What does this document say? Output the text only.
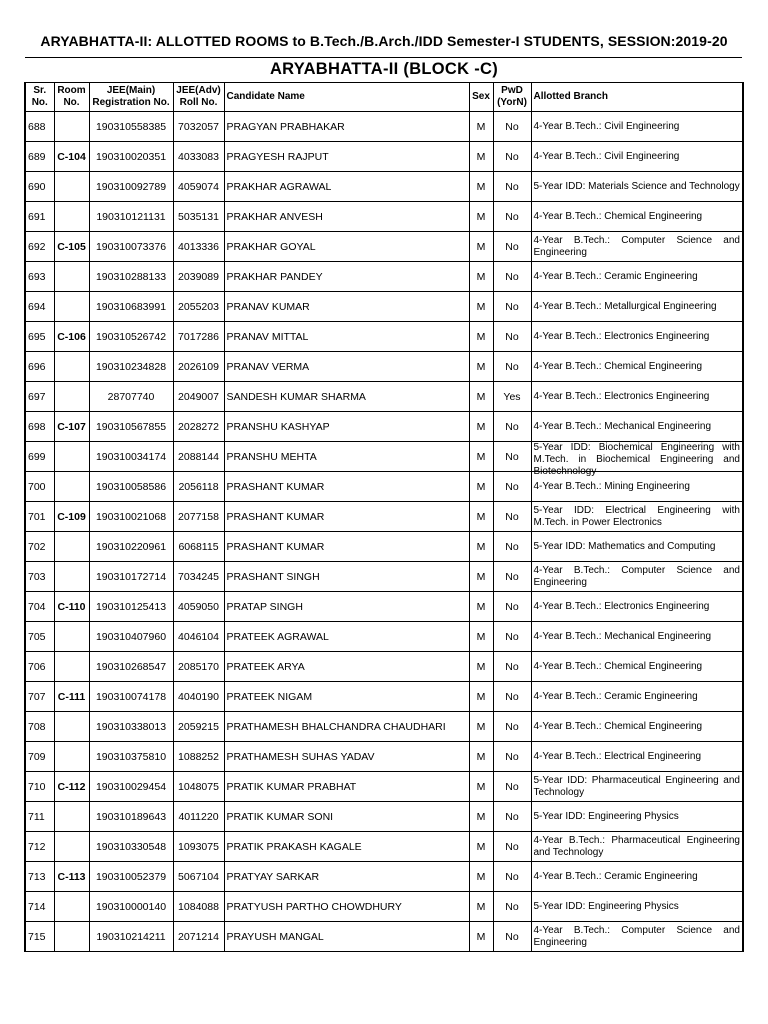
ARYABHATTA-II: ALLOTTED ROOMS to B.Tech./B.Arch./IDD Semester-I STUDENTS, SESSION:2019-20
ARYABHATTA-II (BLOCK -C)
Sr. No.	Room No.	JEE(Main) Registration No.	JEE(Adv) Roll No.	Candidate Name	Sex	PwD (YorN)	Allotted Branch
688		190310558385	7032057	PRAGYAN PRABHAKAR	M	No	4-Year B.Tech.: Civil Engineering

689	C-104	190310020351	4033083	PRAGYESH RAJPUT	M	No	4-Year B.Tech.: Civil Engineering

690		190310092789	4059074	PRAKHAR AGRAWAL	M	No	5-Year IDD: Materials Science and Technology

691		190310121131	5035131	PRAKHAR ANVESH	M	No	4-Year B.Tech.: Chemical Engineering

692	C-105	190310073376	4013336	PRAKHAR GOYAL	M	No	4-Year B.Tech.: Computer Science and Engineering

693		190310288133	2039089	PRAKHAR PANDEY	M	No	4-Year B.Tech.: Ceramic Engineering

694		190310683991	2055203	PRANAV KUMAR	M	No	4-Year B.Tech.: Metallurgical Engineering

695	C-106	190310526742	7017286	PRANAV MITTAL	M	No	4-Year B.Tech.: Electronics Engineering

696		190310234828	2026109	PRANAV VERMA	M	No	4-Year B.Tech.: Chemical Engineering

697		28707740	2049007	SANDESH KUMAR SHARMA	M	Yes	4-Year B.Tech.: Electronics Engineering

698	C-107	190310567855	2028272	PRANSHU KASHYAP	M	No	4-Year B.Tech.: Mechanical Engineering

699		190310034174	2088144	PRANSHU MEHTA	M	No	5-Year IDD: Biochemical Engineering with M.Tech. in Biochemical Engineering and Biotechnology

700		190310058586	2056118	PRASHANT KUMAR	M	No	4-Year B.Tech.: Mining Engineering

701	C-109	190310021068	2077158	PRASHANT KUMAR	M	No	5-Year IDD: Electrical Engineering with M.Tech. in Power Electronics

702		190310220961	6068115	PRASHANT KUMAR	M	No	5-Year IDD: Mathematics and Computing

703		190310172714	7034245	PRASHANT SINGH	M	No	4-Year B.Tech.: Computer Science and Engineering

704	C-110	190310125413	4059050	PRATAP SINGH	M	No	4-Year B.Tech.: Electronics Engineering

705		190310407960	4046104	PRATEEK AGRAWAL	M	No	4-Year B.Tech.: Mechanical Engineering

706		190310268547	2085170	PRATEEK ARYA	M	No	4-Year B.Tech.: Chemical Engineering

707	C-111	190310074178	4040190	PRATEEK NIGAM	M	No	4-Year B.Tech.: Ceramic Engineering

708		190310338013	2059215	PRATHAMESH BHALCHANDRA CHAUDHARI	M	No	4-Year B.Tech.: Chemical Engineering

709		190310375810	1088252	PRATHAMESH SUHAS YADAV	M	No	4-Year B.Tech.: Electrical Engineering

710	C-112	190310029454	1048075	PRATIK KUMAR PRABHAT	M	No	5-Year IDD: Pharmaceutical Engineering and Technology

711		190310189643	4011220	PRATIK KUMAR SONI	M	No	5-Year IDD: Engineering Physics

712		190310330548	1093075	PRATIK PRAKASH KAGALE	M	No	4-Year B.Tech.: Pharmaceutical Engineering and Technology

713	C-113	190310052379	5067104	PRATYAY SARKAR	M	No	4-Year B.Tech.: Ceramic Engineering

714		190310000140	1084088	PRATYUSH PARTHO CHOWDHURY	M	No	5-Year IDD: Engineering Physics

715		190310214211	2071214	PRAYUSH MANGAL	M	No	4-Year B.Tech.: Computer Science and Engineering
